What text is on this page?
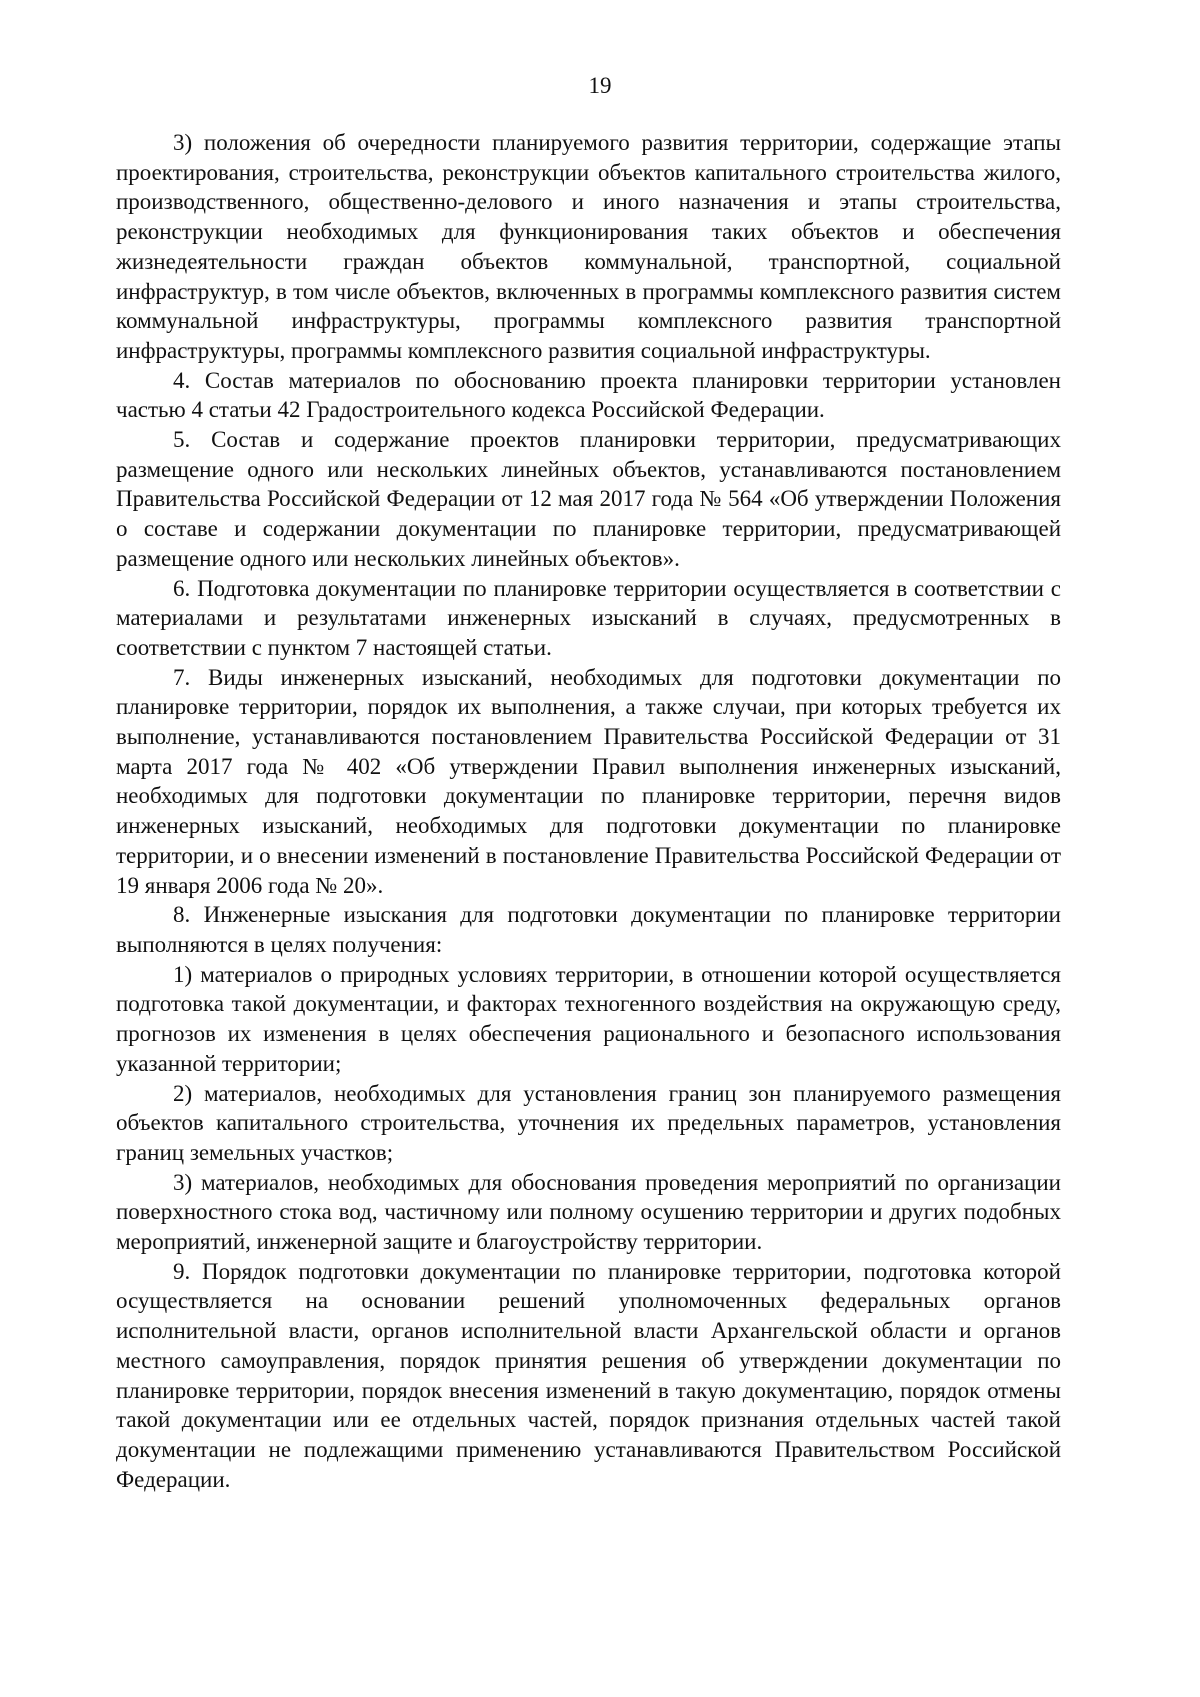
19

3) положения об очередности планируемого развития территории, содержащие этапы проектирования, строительства, реконструкции объектов капитального строительства жилого, производственного, общественно-делового и иного назначения и этапы строительства, реконструкции необходимых для функционирования таких объектов и обеспечения жизнедеятельности граждан объектов коммунальной, транспортной, социальной инфраструктур, в том числе объектов, включенных в программы комплексного развития систем коммунальной инфраструктуры, программы комплексного развития транспортной инфраструктуры, программы комплексного развития социальной инфраструктуры.

4. Состав материалов по обоснованию проекта планировки территории установлен частью 4 статьи 42 Градостроительного кодекса Российской Федерации.

5. Состав и содержание проектов планировки территории, предусматривающих размещение одного или нескольких линейных объектов, устанавливаются постановлением Правительства Российской Федерации от 12 мая 2017 года № 564 «Об утверждении Положения о составе и содержании документации по планировке территории, предусматривающей размещение одного или нескольких линейных объектов».

6. Подготовка документации по планировке территории осуществляется в соответствии с материалами и результатами инженерных изысканий в случаях, предусмотренных в соответствии с пунктом 7 настоящей статьи.

7. Виды инженерных изысканий, необходимых для подготовки документации по планировке территории, порядок их выполнения, а также случаи, при которых требуется их выполнение, устанавливаются постановлением Правительства Российской Федерации от 31 марта 2017 года № 402 «Об утверждении Правил выполнения инженерных изысканий, необходимых для подготовки документации по планировке территории, перечня видов инженерных изысканий, необходимых для подготовки документации по планировке территории, и о внесении изменений в постановление Правительства Российской Федерации от 19 января 2006 года № 20».

8. Инженерные изыскания для подготовки документации по планировке территории выполняются в целях получения:

1) материалов о природных условиях территории, в отношении которой осуществляется подготовка такой документации, и факторах техногенного воздействия на окружающую среду, прогнозов их изменения в целях обеспечения рационального и безопасного использования указанной территории;

2) материалов, необходимых для установления границ зон планируемого размещения объектов капитального строительства, уточнения их предельных параметров, установления границ земельных участков;

3) материалов, необходимых для обоснования проведения мероприятий по организации поверхностного стока вод, частичному или полному осушению территории и других подобных мероприятий, инженерной защите и благоустройству территории.

9. Порядок подготовки документации по планировке территории, подготовка которой осуществляется на основании решений уполномоченных федеральных органов исполнительной власти, органов исполнительной власти Архангельской области и органов местного самоуправления, порядок принятия решения об утверждении документации по планировке территории, порядок внесения изменений в такую документацию, порядок отмены такой документации или ее отдельных частей, порядок признания отдельных частей такой документации не подлежащими применению устанавливаются Правительством Российской Федерации.
